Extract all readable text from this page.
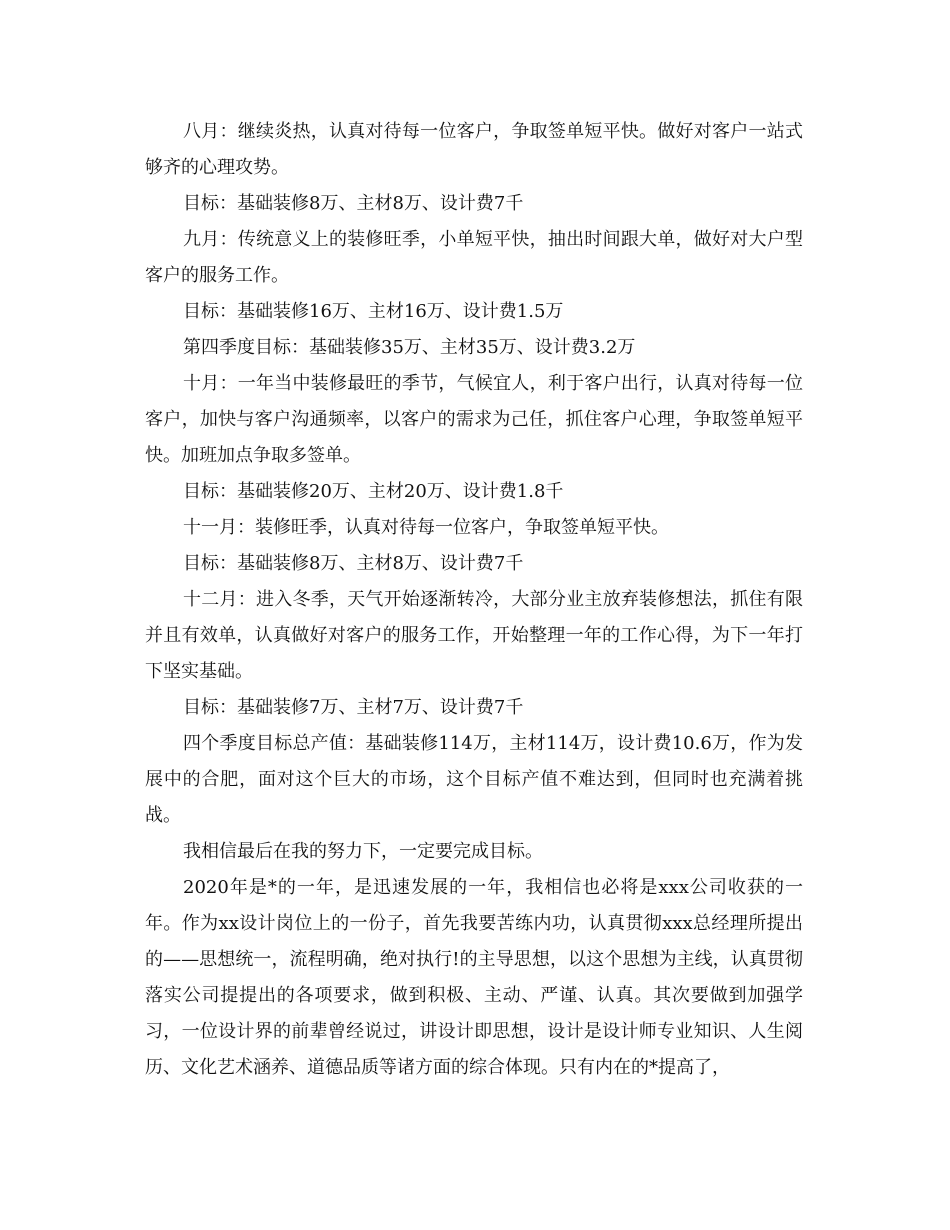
八月：继续炎热，认真对待每一位客户，争取签单短平快。做好对客户一站式够齐的心理攻势。

目标：基础装修8万、主材8万、设计费7千

九月：传统意义上的装修旺季，小单短平快，抽出时间跟大单，做好对大户型客户的服务工作。

目标：基础装修16万、主材16万、设计费1.5万

第四季度目标：基础装修35万、主材35万、设计费3.2万

十月：一年当中装修最旺的季节，气候宜人，利于客户出行，认真对待每一位客户，加快与客户沟通频率，以客户的需求为己任，抓住客户心理，争取签单短平快。加班加点争取多签单。

目标：基础装修20万、主材20万、设计费1.8千

十一月：装修旺季，认真对待每一位客户，争取签单短平快。

目标：基础装修8万、主材8万、设计费7千

十二月：进入冬季，天气开始逐渐转冷，大部分业主放弃装修想法，抓住有限并且有效单，认真做好对客户的服务工作，开始整理一年的工作心得，为下一年打下坚实基础。

目标：基础装修7万、主材7万、设计费7千

四个季度目标总产值：基础装修114万，主材114万，设计费10.6万，作为发展中的合肥，面对这个巨大的市场，这个目标产值不难达到，但同时也充满着挑战。

我相信最后在我的努力下，一定要完成目标。

2020年是*的一年，是迅速发展的一年，我相信也必将是xxx公司收获的一年。作为xx设计岗位上的一份子，首先我要苦练内功，认真贯彻xxx总经理所提出的——思想统一，流程明确，绝对执行!的主导思想，以这个思想为主线，认真贯彻落实公司提提出的各项要求，做到积极、主动、严谨、认真。其次要做到加强学习，一位设计界的前辈曾经说过，讲设计即思想，设计是设计师专业知识、人生阅历、文化艺术涵养、道德品质等诸方面的综合体现。只有内在的*提高了，
